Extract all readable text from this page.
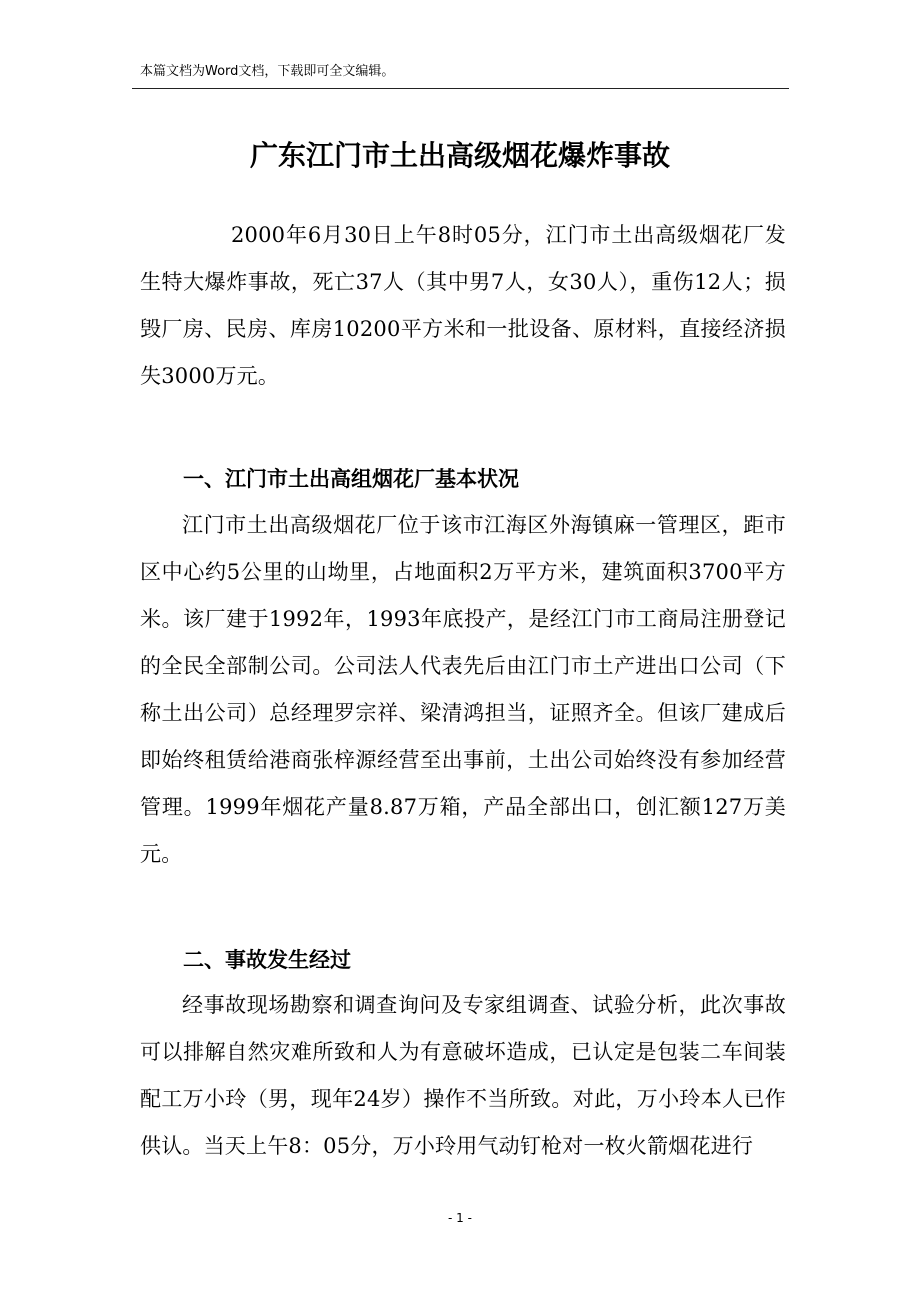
本篇文档为Word文档，下载即可全文编辑。
广东江门市土出高级烟花爆炸事故
2000年6月30日上午8时05分，江门市土出高级烟花厂发生特大爆炸事故，死亡37人（其中男7人，女30人），重伤12人；损毁厂房、民房、库房10200平方米和一批设备、原材料，直接经济损失3000万元。
一、江门市土出高组烟花厂基本状况

江门市土出高级烟花厂位于该市江海区外海镇麻一管理区，距市区中心约5公里的山坳里，占地面积2万平方米，建筑面积3700平方米。该厂建于1992年，1993年底投产，是经江门市工商局注册登记的全民全部制公司。公司法人代表先后由江门市土产进出口公司（下称土出公司）总经理罗宗祥、梁清鸿担当，证照齐全。但该厂建成后即始终租赁给港商张梓源经营至出事前，土出公司始终没有参加经营管理。1999年烟花产量8.87万箱，产品全部出口，创汇额127万美元。

二、事故发生经过

经事故现场勘察和调查询问及专家组调查、试验分析，此次事故可以排解自然灾难所致和人为有意破坏造成，已认定是包装二车间装配工万小玲（男，现年24岁）操作不当所致。对此，万小玲本人已作供认。当天上午8：05分，万小玲用气动钉枪对一枚火箭烟花进行

- 1 -
